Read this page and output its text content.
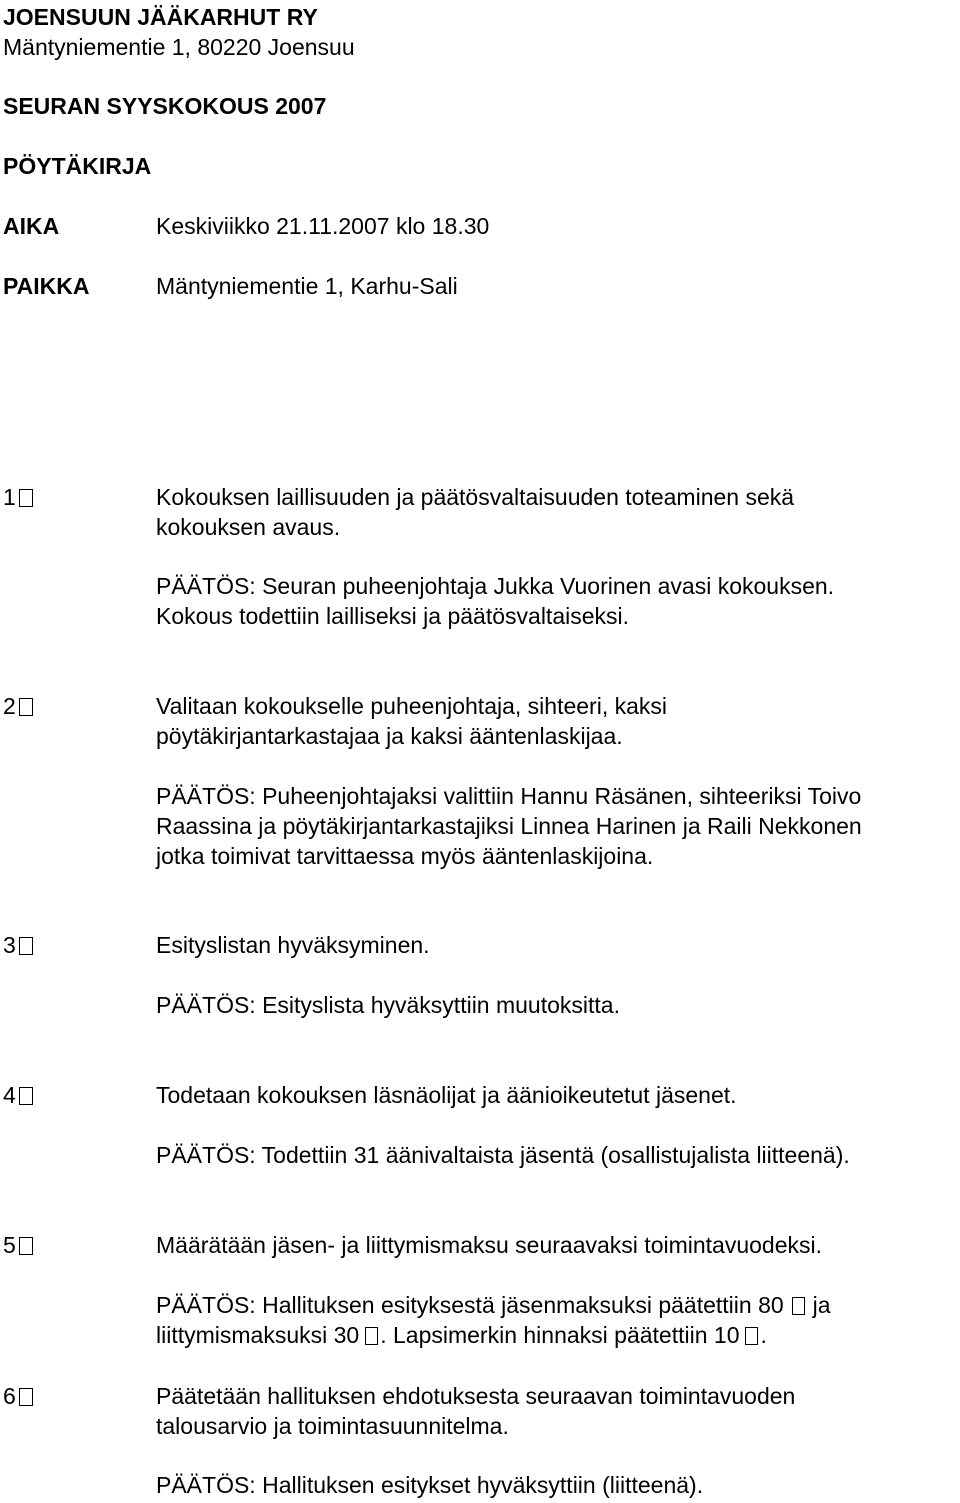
JOENSUUN JÄÄKARHUT RY
Mäntyniementie 1, 80220 Joensuu
SEURAN SYYSKOKOUS 2007
PÖYTÄKIRJA
AIKA	Keskiviikko 21.11.2007 klo 18.30
PAIKKA	Mäntyniementie 1, Karhu-Sali
1	Kokouksen laillisuuden ja päätösvaltaisuuden toteaminen sekä
kokouksen avaus.
PÄÄTÖS: Seuran puheenjohtaja Jukka Vuorinen avasi kokouksen.
Kokous todettiin lailliseksi ja päätösvaltaiseksi.
2	Valitaan kokoukselle puheenjohtaja, sihteeri, kaksi
pöytäkirjantarkastajaa ja kaksi ääntenlaskijaa.
PÄÄTÖS: Puheenjohtajaksi valittiin Hannu Räsänen, sihteeriksi Toivo
Raassina ja pöytäkirjantarkastajiksi Linnea Harinen ja Raili Nekkonen
jotka toimivat tarvittaessa myös ääntenlaskijoina.
3	Esityslistan hyväksyminen.
PÄÄTÖS: Esityslista hyväksyttiin muutoksitta.
4	Todetaan kokouksen läsnäolijat ja äänioikeutetut jäsenet.
PÄÄTÖS: Todettiin 31 äänivaltaista jäsentä (osallistujalista liitteenä).
5	Määrätään jäsen- ja liittymismaksu seuraavaksi toimintavuodeksi.
PÄÄTÖS: Hallituksen esityksestä jäsenmaksuksi päätettiin 80 ja
liittymismaksuksi 30 . Lapsimerkin hinnaksi päätettiin 10 .
6	Päätetään hallituksen ehdotuksesta seuraavan toimintavuoden
talousarvio ja toimintasuunnitelma.
PÄÄTÖS: Hallituksen esitykset hyväksyttiin (liitteenä).
